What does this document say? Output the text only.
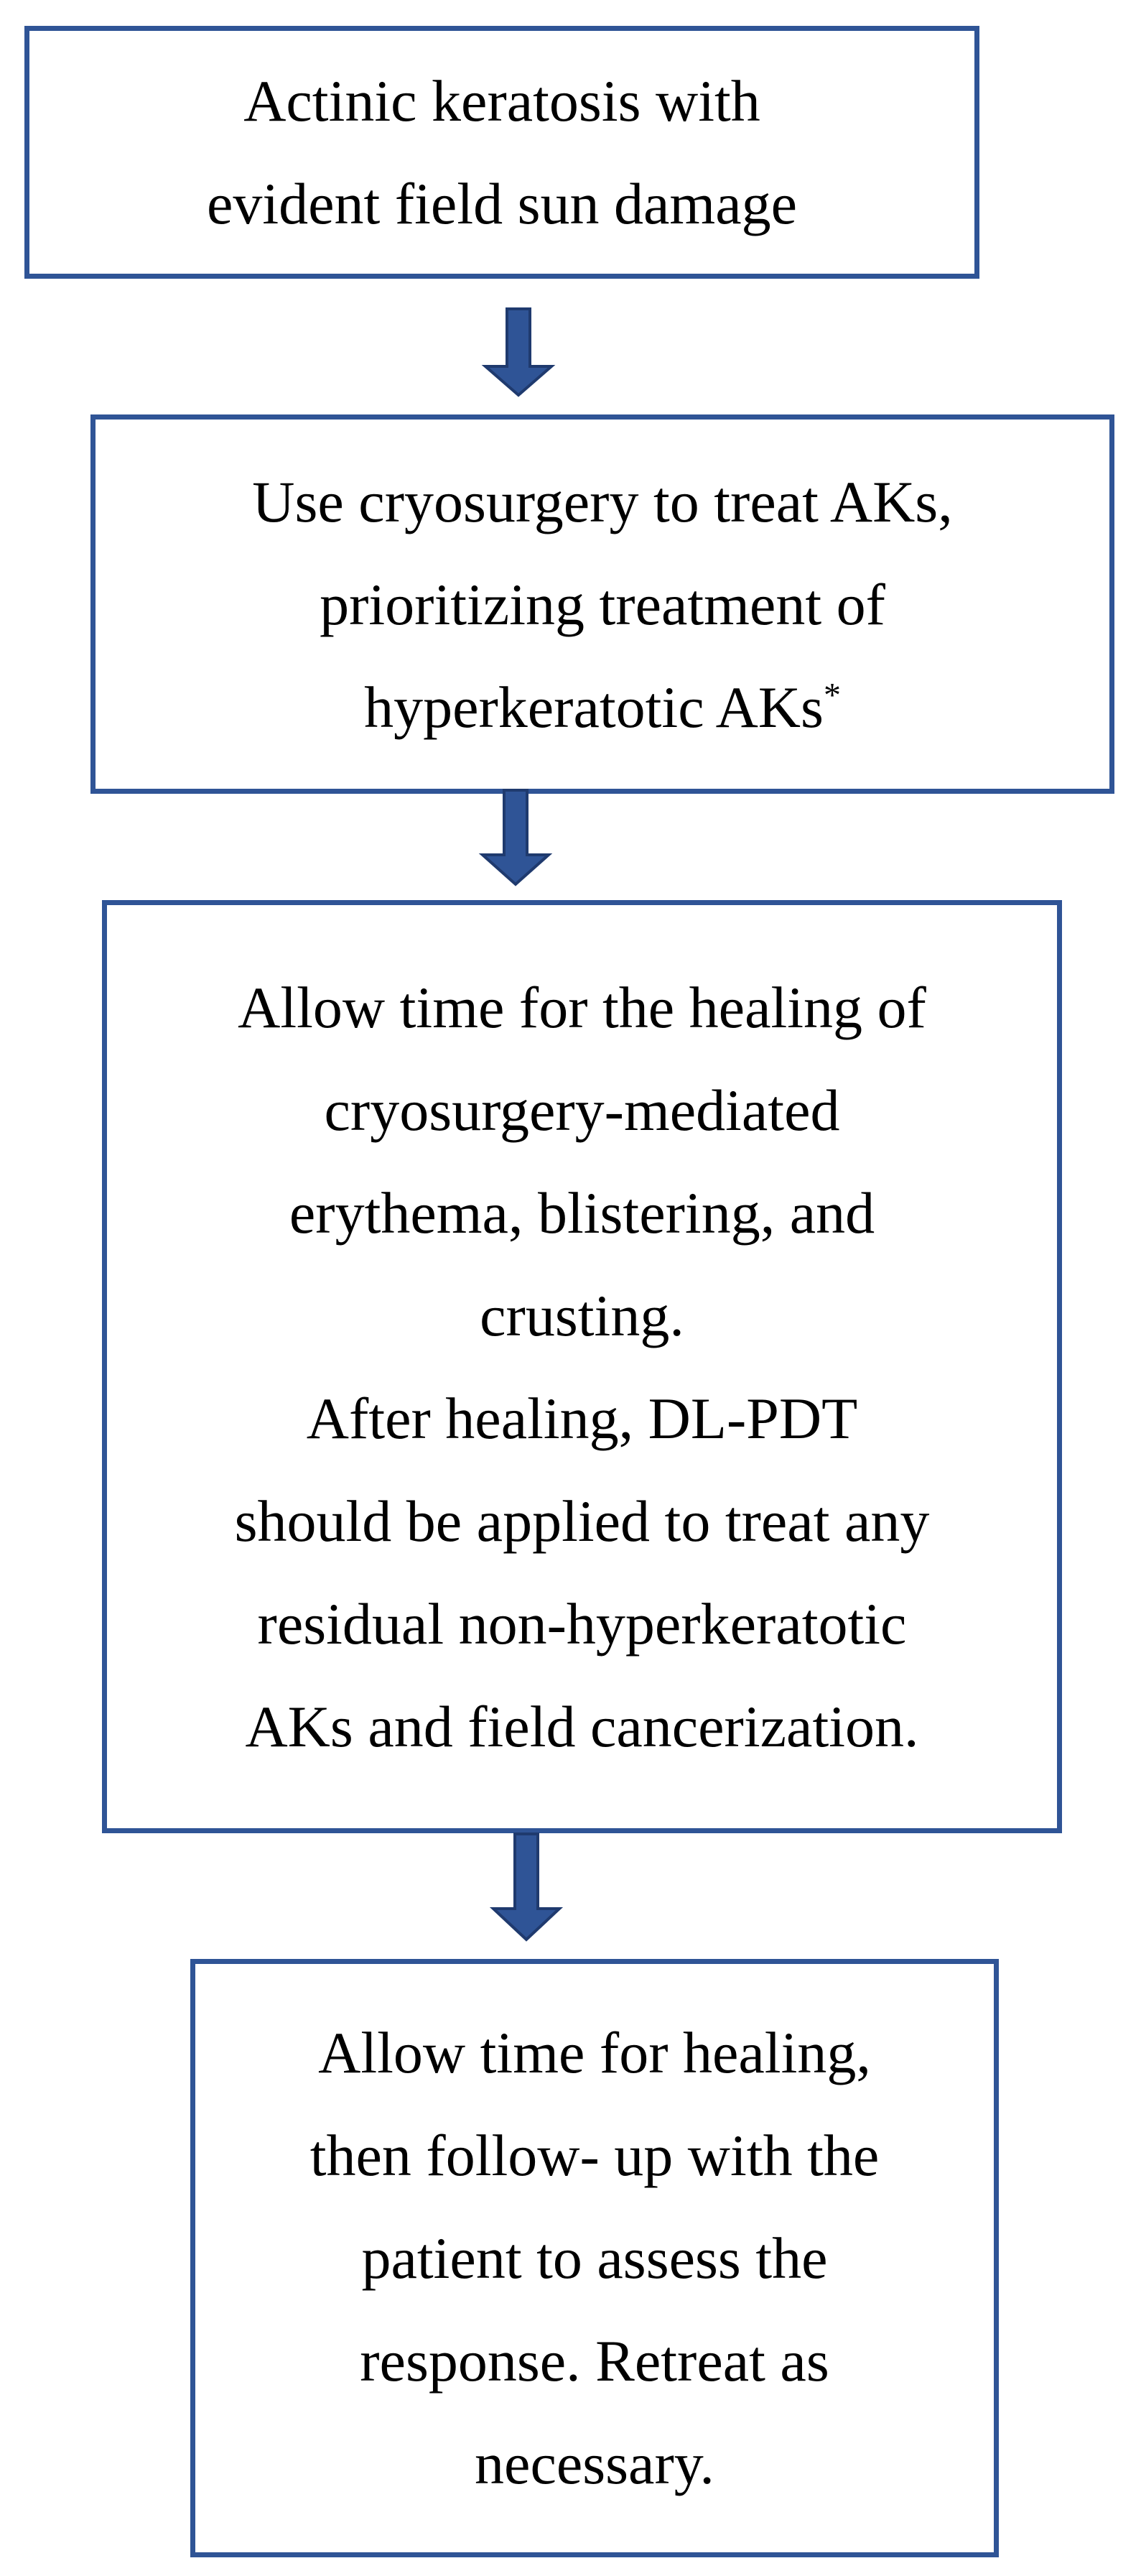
Actinic keratosis with
evident field sun damage
Use cryosurgery to treat AKs,
prioritizing treatment of
hyperkeratotic AKs*
Allow time for the healing of
cryosurgery-mediated
erythema, blistering, and
crusting.
After healing, DL-PDT
should be applied to treat any
residual non-hyperkeratotic
AKs and field cancerization.
Allow time for healing,
then follow- up with the
patient to assess the
response. Retreat as
necessary.
